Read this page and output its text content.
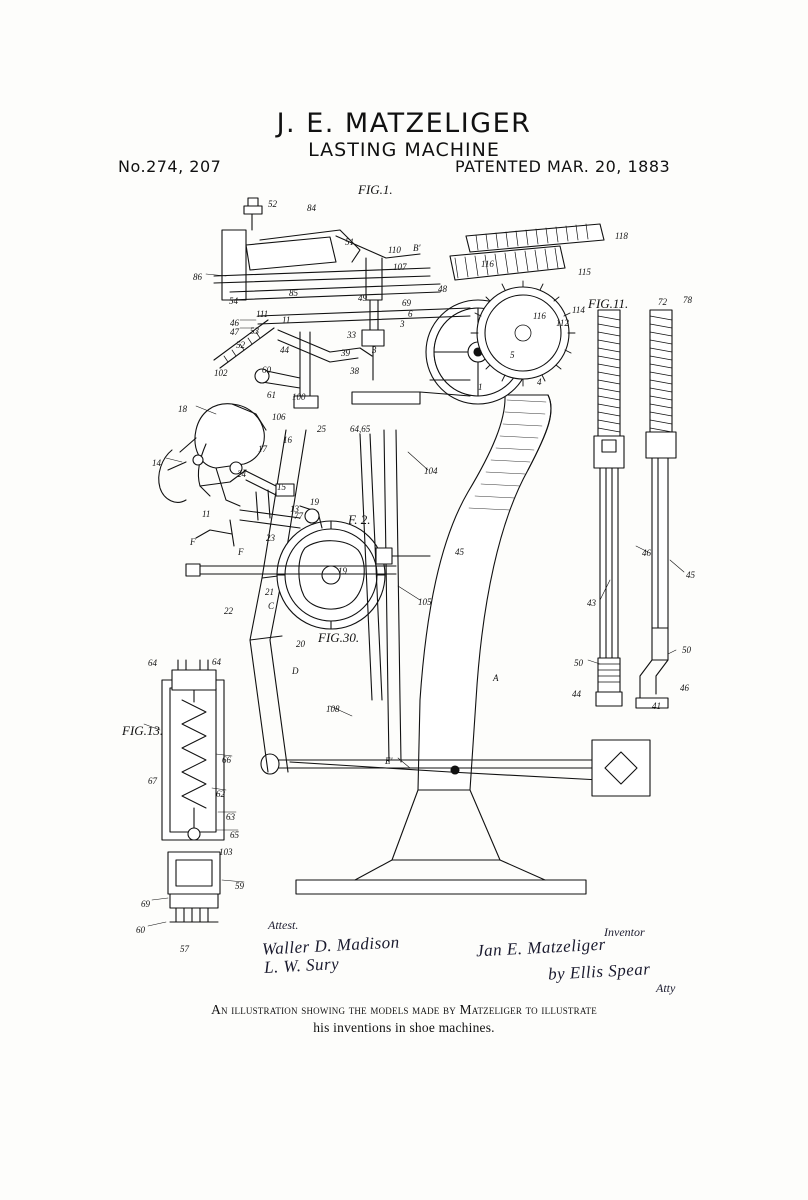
J. E. MATZELIGER
LASTING MACHINE
No.274, 207	PATENTED MAR. 20, 1883
FIG.1.
FIG.11.
F. 2.
FIG.30.
FIG.13.
52	84
51
110 B'
118
86
107	116
115
85	49	69
48
114
6
54
11
111	116
3
46
47 53	33
112
44	39	5
52	3
60	38
102
1	4
100
61
18
106
25	64,65
16
14
17
24
15
104
11
19
13
F
F
23
77
45
19
21
22	C	105
20
D
64	64
108
A
66
62
67
63
65
103
59
69
60
57
E'
72 78
46
45
43
50
50
46
44
41
Attest.
Waller D. Madison
L. W. Sury
Inventor
Jan E. Matzeliger
by Ellis Spear
Atty
An illustration showing the models made by Matzeliger to illustrate
his inventions in shoe machines.
